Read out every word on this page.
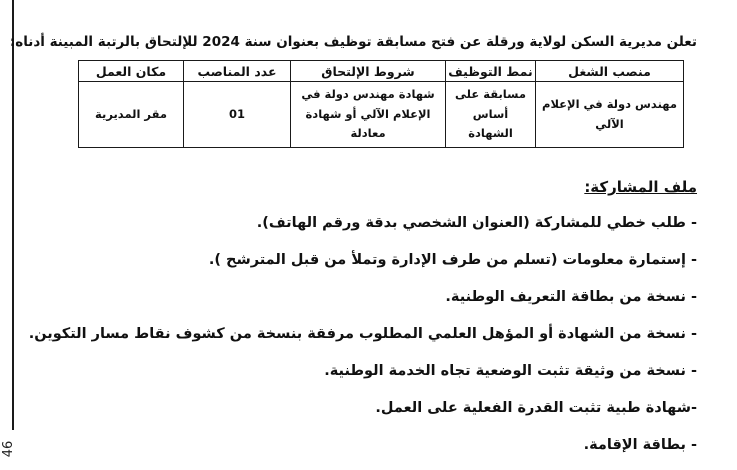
46

تعلن مديرية السكن لولاية ورقلة عن فتح مسابقة توظيف بعنوان سنة 2024 للإلتحاق بالرتبة المبينة أدناه:

منصب الشغل	نمط التوظيف	شروط الإلتحاق	عدد المناصب	مكان العمل
مهندس دولة في الإعلام الآلي	مسابقة على أساس الشهادة	شهادة مهندس دولة في الإعلام الآلي أو شهادة معادلة	01	مقر المديرية
ملف المشاركة:
- طلب خطي للمشاركة (العنوان الشخصي بدقة ورقم الهاتف).
- إستمارة معلومات (تسلم من طرف الإدارة وتملأ من قبل المترشح ).
- نسخة من بطاقة التعريف الوطنية.
- نسخة من الشهادة أو المؤهل العلمي المطلوب مرفقة بنسخة من كشوف نقاط مسار التكوين.
- نسخة من وثيقة تثبت الوضعية تجاه الخدمة الوطنية.
-شهادة طبية تثبت القدرة الفعلية على العمل.
- بطاقة الإقامة.
